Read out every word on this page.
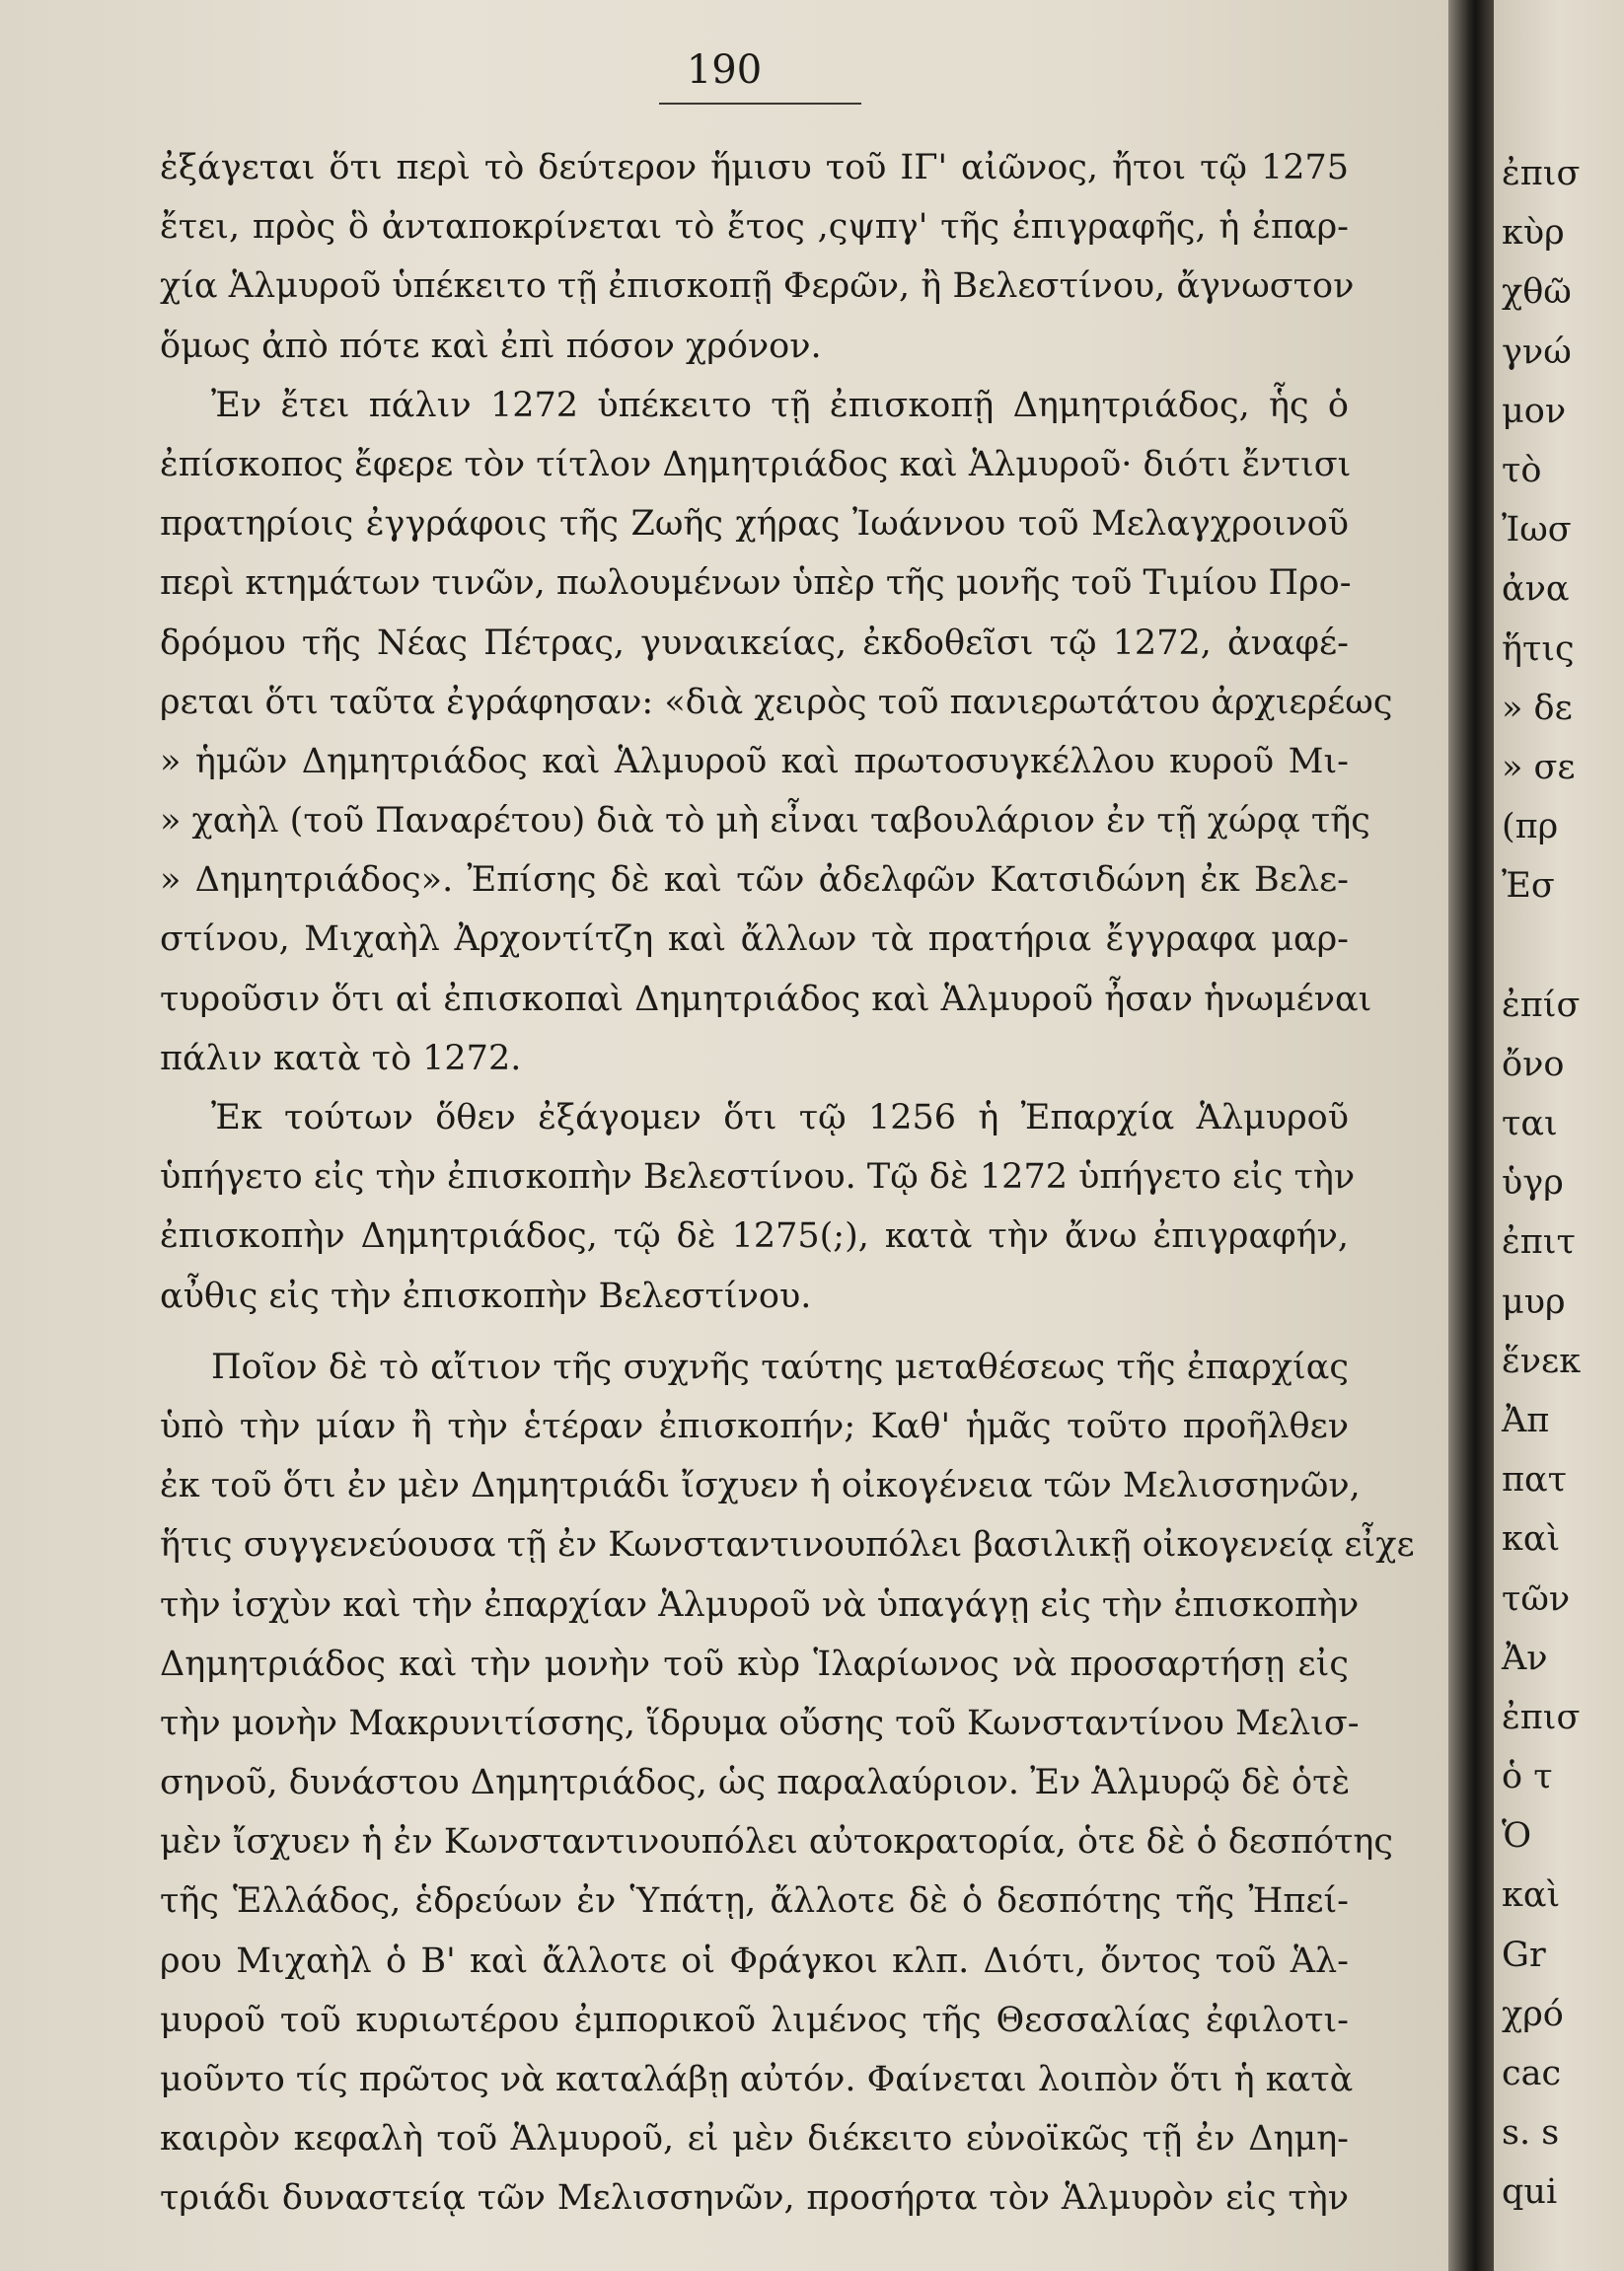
190
ἐξάγεται ὅτι περὶ τὸ δεύτερον ἥμισυ τοῦ ΙΓ' αἰῶνος, ἤτοι τῷ 1275
ἔτει, πρὸς ὃ ἀνταποκρίνεται τὸ ἔτος ,ςψπγ' τῆς ἐπιγραφῆς, ἡ ἐπαρ-
χία Ἁλμυροῦ ὑπέκειτο τῇ ἐπισκοπῇ Φερῶν, ἢ Βελεστίνου, ἄγνωστον
ὅμως ἀπὸ πότε καὶ ἐπὶ πόσον χρόνον.
Ἐν ἔτει πάλιν 1272 ὑπέκειτο τῇ ἐπισκοπῇ Δημητριάδος, ἧς ὁ
ἐπίσκοπος ἔφερε τὸν τίτλον Δημητριάδος καὶ Ἁλμυροῦ· διότι ἔντισι
πρατηρίοις ἐγγράφοις τῆς Ζωῆς χήρας Ἰωάννου τοῦ Μελαγχροινοῦ
περὶ κτημάτων τινῶν, πωλουμένων ὑπὲρ τῆς μονῆς τοῦ Τιμίου Προ-
δρόμου τῆς Νέας Πέτρας, γυναικείας, ἐκδοθεῖσι τῷ 1272, ἀναφέ-
ρεται ὅτι ταῦτα ἐγράφησαν: «διὰ χειρὸς τοῦ πανιερωτάτου ἀρχιερέως
» ἡμῶν Δημητριάδος καὶ Ἁλμυροῦ καὶ πρωτοσυγκέλλου κυροῦ Μι-
» χαὴλ (τοῦ Παναρέτου) διὰ τὸ μὴ εἶναι ταβουλάριον ἐν τῇ χώρᾳ τῆς
» Δημητριάδος». Ἐπίσης δὲ καὶ τῶν ἀδελφῶν Κατσιδώνη ἐκ Βελε-
στίνου, Μιχαὴλ Ἀρχοντίτζη καὶ ἄλλων τὰ πρατήρια ἔγγραφα μαρ-
τυροῦσιν ὅτι αἱ ἐπισκοπαὶ Δημητριάδος καὶ Ἁλμυροῦ ἦσαν ἡνωμέναι
πάλιν κατὰ τὸ 1272.
Ἐκ τούτων ὅθεν ἐξάγομεν ὅτι τῷ 1256 ἡ Ἐπαρχία Ἁλμυροῦ
ὑπήγετο εἰς τὴν ἐπισκοπὴν Βελεστίνου. Τῷ δὲ 1272 ὑπήγετο εἰς τὴν
ἐπισκοπὴν Δημητριάδος, τῷ δὲ 1275(;), κατὰ τὴν ἄνω ἐπιγραφήν,
αὖθις εἰς τὴν ἐπισκοπὴν Βελεστίνου.
Ποῖον δὲ τὸ αἴτιον τῆς συχνῆς ταύτης μεταθέσεως τῆς ἐπαρχίας
ὑπὸ τὴν μίαν ἢ τὴν ἑτέραν ἐπισκοπήν; Καθ' ἡμᾶς τοῦτο προῆλθεν
ἐκ τοῦ ὅτι ἐν μὲν Δημητριάδι ἴσχυεν ἡ οἰκογένεια τῶν Μελισσηνῶν,
ἥτις συγγενεύουσα τῇ ἐν Κωνσταντινουπόλει βασιλικῇ οἰκογενείᾳ εἶχε
τὴν ἰσχὺν καὶ τὴν ἐπαρχίαν Ἁλμυροῦ νὰ ὑπαγάγῃ εἰς τὴν ἐπισκοπὴν
Δημητριάδος καὶ τὴν μονὴν τοῦ κὺρ Ἱλαρίωνος νὰ προσαρτήσῃ εἰς
τὴν μονὴν Μακρυνιτίσσης, ἵδρυμα οὔσης τοῦ Κωνσταντίνου Μελισ-
σηνοῦ, δυνάστου Δημητριάδος, ὡς παραλαύριον. Ἐν Ἁλμυρῷ δὲ ὁτὲ
μὲν ἴσχυεν ἡ ἐν Κωνσταντινουπόλει αὐτοκρατορία, ὁτε δὲ ὁ δεσπότης
τῆς Ἑλλάδος, ἑδρεύων ἐν Ὑπάτῃ, ἄλλοτε δὲ ὁ δεσπότης τῆς Ἠπεί-
ρου Μιχαὴλ ὁ Β' καὶ ἄλλοτε οἱ Φράγκοι κλπ. Διότι, ὄντος τοῦ Ἁλ-
μυροῦ τοῦ κυριωτέρου ἐμπορικοῦ λιμένος τῆς Θεσσαλίας ἐφιλοτι-
μοῦντο τίς πρῶτος νὰ καταλάβῃ αὐτόν. Φαίνεται λοιπὸν ὅτι ἡ κατὰ
καιρὸν κεφαλὴ τοῦ Ἁλμυροῦ, εἰ μὲν διέκειτο εὐνοϊκῶς τῇ ἐν Δημη-
τριάδι δυναστείᾳ τῶν Μελισσηνῶν, προσήρτα τὸν Ἁλμυρὸν εἰς τὴν
ἐπισ
κὺρ
χθῶ
γνώ
μον
τὸ
Ἰωσ
ἀνα
ἥτις
» δε
» σε
(πρ
Ἐσ
ἐπίσ
ὄνο
ται
ὑγρ
ἐπιτ
μυρ
ἕνεκ
Ἀπ
πατ
καὶ
τῶν
Ἀν
ἐπισ
ὁ τ
Ὁ
καὶ
Gr
χρό
cac
s. s
qui
